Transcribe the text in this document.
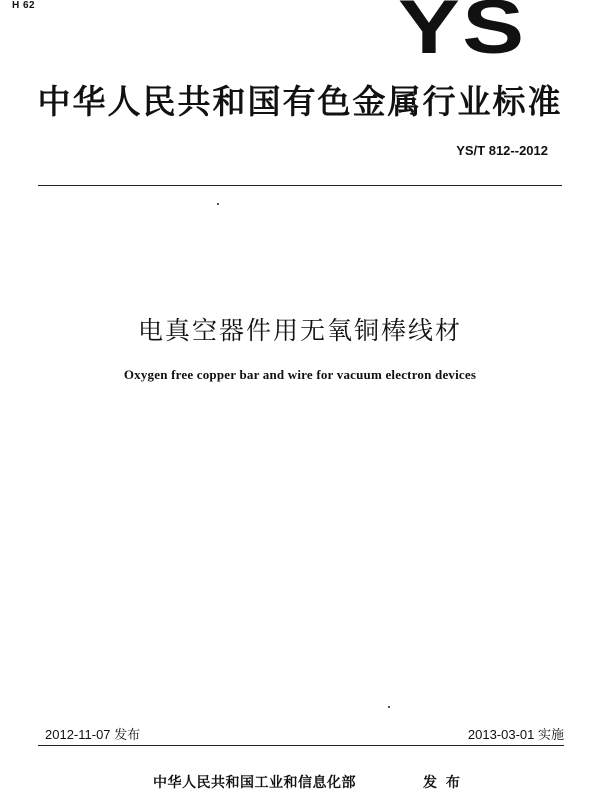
H 62	YS
中华人民共和国有色金属行业标准
YS/T 812--2012
电真空器件用无氧铜棒线材
Oxygen free copper bar and wire for vacuum electron devices
2012-11-07 发布	2013-03-01 实施
中华人民共和国工业和信息化部	发 布
